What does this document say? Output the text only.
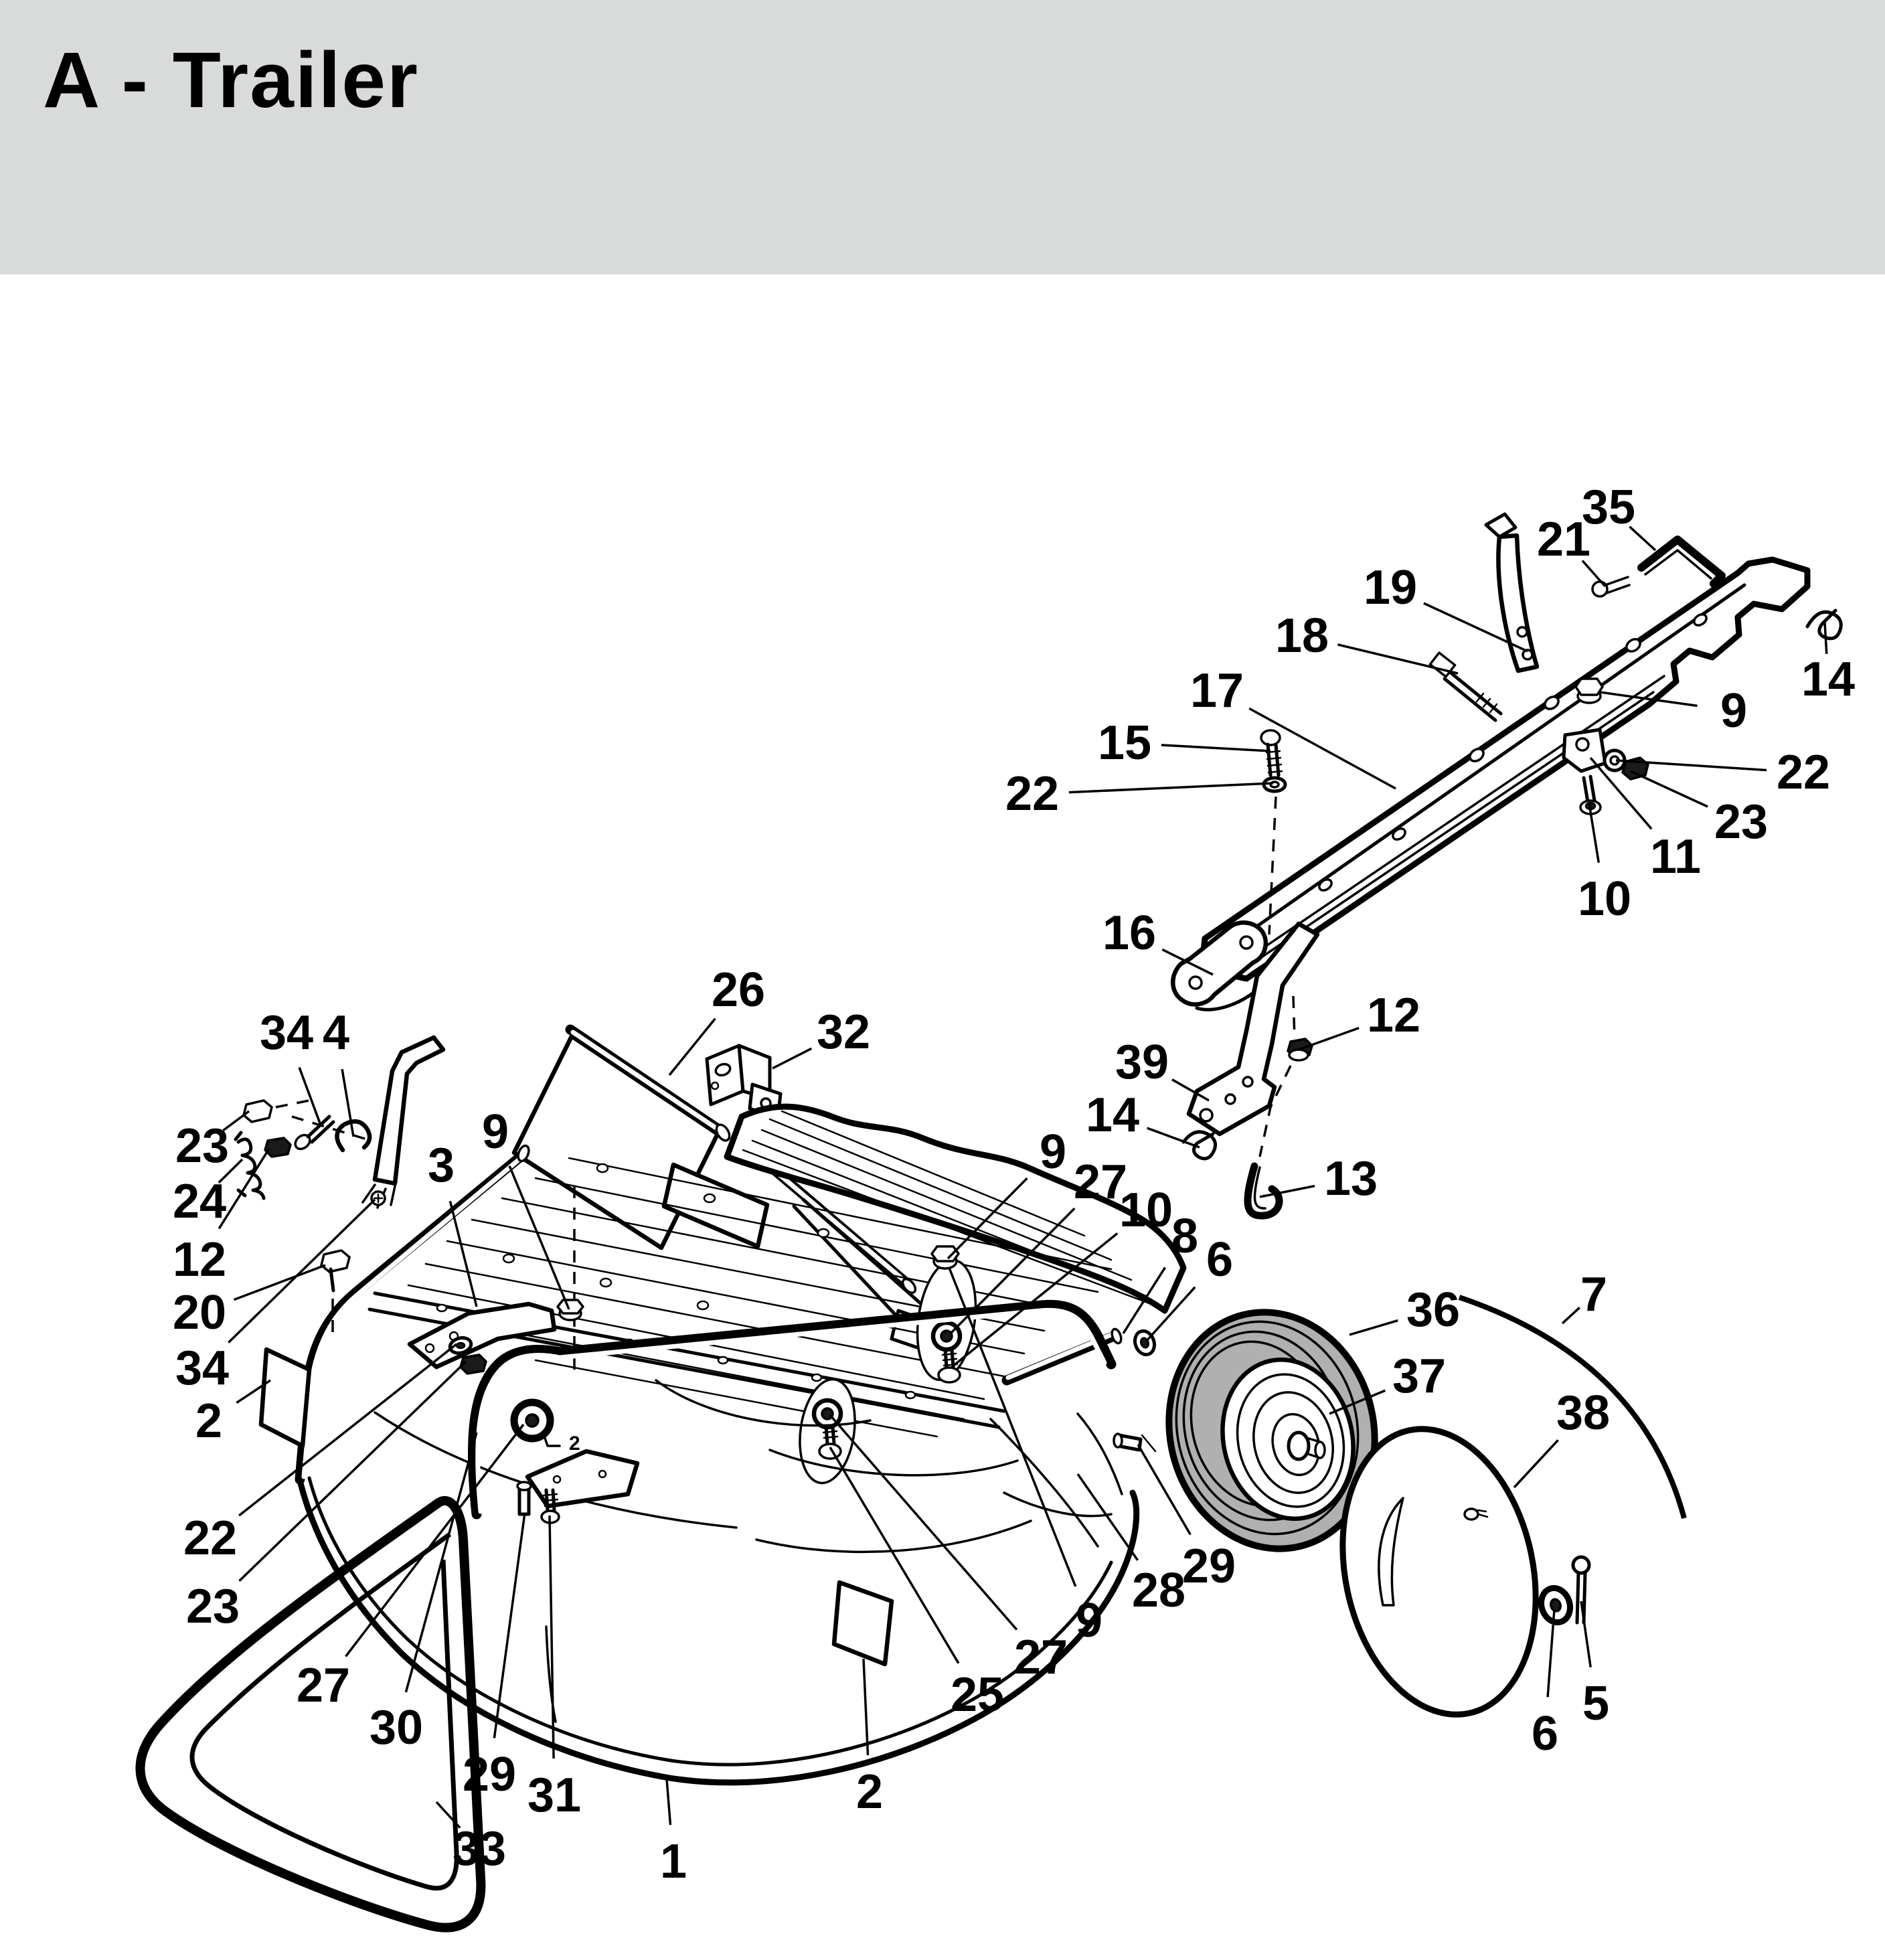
A - Trailer
2
35
21
19
18
14
9
17
15
22	22
23
11
10
16
12
39
14
13
26
32
34 4
23
24
12
20
34
2
3
9	9
27
10
8 6
36 7
37
38
22
23
27
30
29 31
33	1
2
25
27
9
28
29
6
5
